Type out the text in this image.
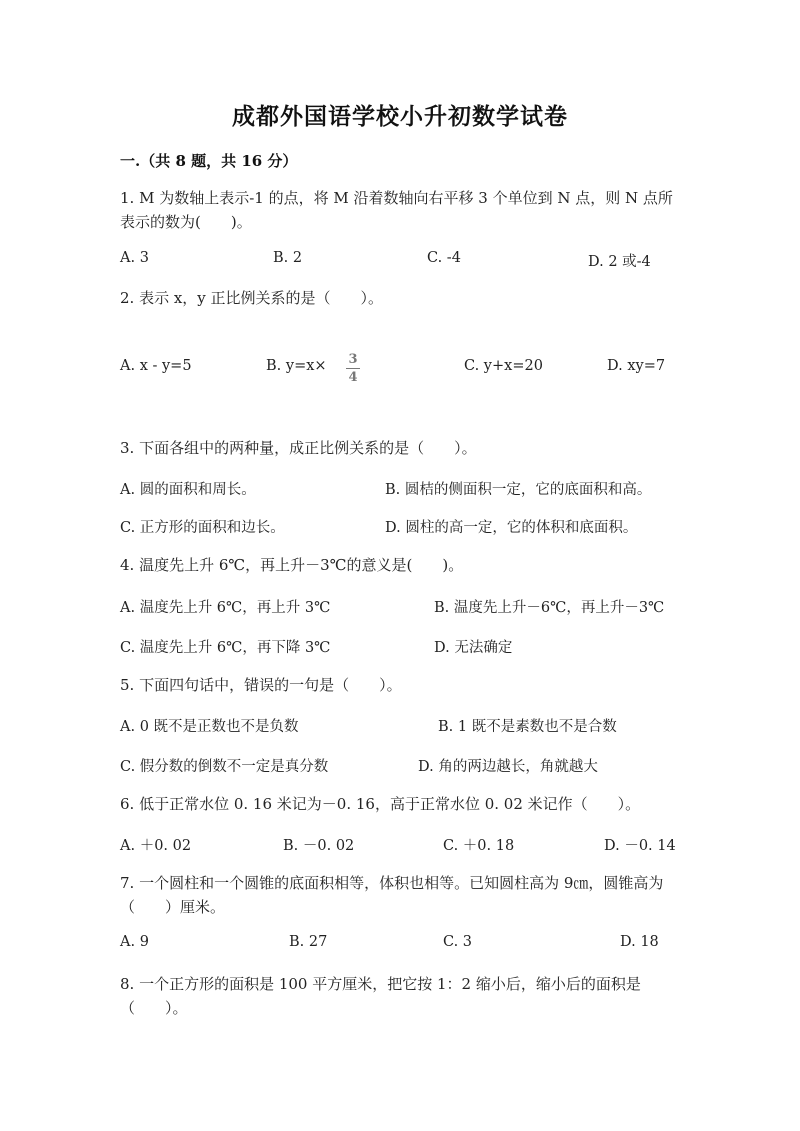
成都外国语学校小升初数学试卷
一.（共 8 题，共 16 分）
1. M 为数轴上表示-1 的点，将 M 沿着数轴向右平移 3 个单位到 N 点，则 N 点所表示的数为(　　)。
A. 3	B. 2	C. -4	D. 2 或-4
2. 表示 x，y 正比例关系的是（　　）。
A. x - y=5	B. y=x× 3
4
C. y+x=20	D. xy=7
3. 下面各组中的两种量，成正比例关系的是（　　）。
A. 圆的面积和周长。	B. 圆桔的侧面积一定，它的底面积和高。
C. 正方形的面积和边长。	D. 圆柱的高一定，它的体积和底面积。
4. 温度先上升 6℃，再上升－3℃的意义是(　　)。
A. 温度先上升 6℃，再上升 3℃	B. 温度先上升－6℃，再上升－3℃
C. 温度先上升 6℃，再下降 3℃	D. 无法确定
5. 下面四句话中，错误的一句是（　　）。
A. 0 既不是正数也不是负数	B. 1 既不是素数也不是合数
C. 假分数的倒数不一定是真分数	D. 角的两边越长，角就越大
6. 低于正常水位 0. 16 米记为－0. 16，高于正常水位 0. 02 米记作（　　）。
A. ＋0. 02	B. －0. 02	C. ＋0. 18	D. －0. 14
7. 一个圆柱和一个圆锥的底面积相等，体积也相等。已知圆柱高为 9㎝，圆锥高为（　　）厘米。
A. 9	B. 27	C. 3	D. 18
8. 一个正方形的面积是 100 平方厘米，把它按 1：2 缩小后，缩小后的面积是（　　）。
